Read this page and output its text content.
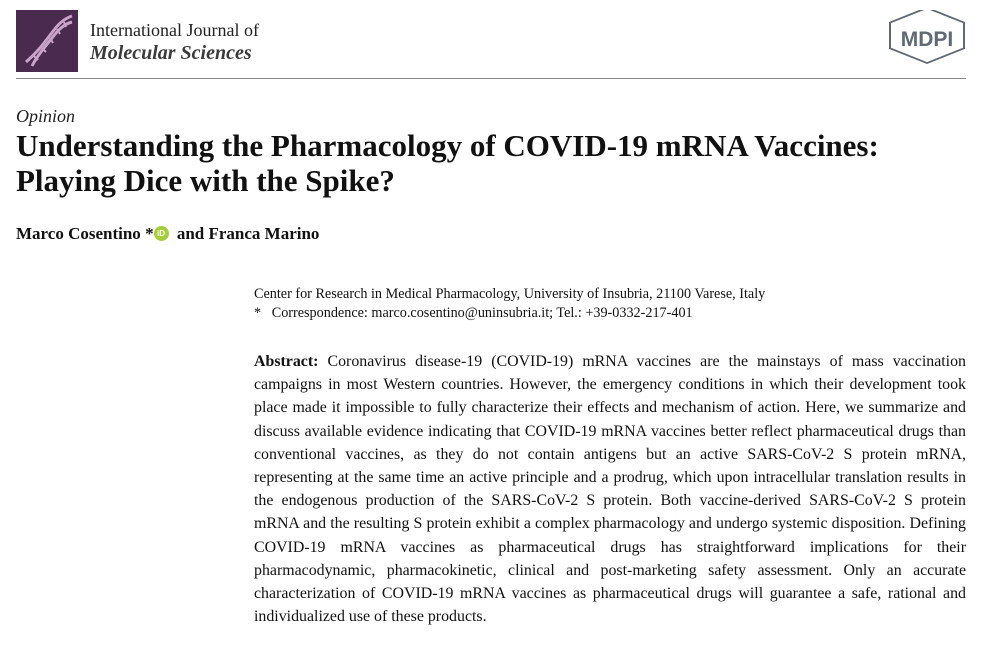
International Journal of
Molecular Sciences
MDPI
Opinion
Understanding the Pharmacology of COVID-19 mRNA Vaccines: Playing Dice with the Spike?
Marco Cosentino * iD and Franca Marino
Center for Research in Medical Pharmacology, University of Insubria, 21100 Varese, Italy
*   Correspondence: marco.cosentino@uninsubria.it; Tel.: +39-0332-217-401

Abstract: Coronavirus disease-19 (COVID-19) mRNA vaccines are the mainstays of mass vaccination campaigns in most Western countries. However, the emergency conditions in which their development took place made it impossible to fully characterize their effects and mechanism of action. Here, we summarize and discuss available evidence indicating that COVID-19 mRNA vaccines better reflect pharmaceutical drugs than conventional vaccines, as they do not contain antigens but an active SARS-CoV-2 S protein mRNA, representing at the same time an active principle and a prodrug, which upon intracellular translation results in the endogenous production of the SARS-CoV-2 S protein. Both vaccine-derived SARS-CoV-2 S protein mRNA and the resulting S protein exhibit a complex pharmacology and undergo systemic disposition. Defining COVID-19 mRNA vaccines as pharmaceutical drugs has straightforward implications for their pharmacodynamic, pharmacokinetic, clinical and post-marketing safety assessment. Only an accurate characterization of COVID-19 mRNA vaccines as pharmaceutical drugs will guarantee a safe, rational and individualized use of these products.
